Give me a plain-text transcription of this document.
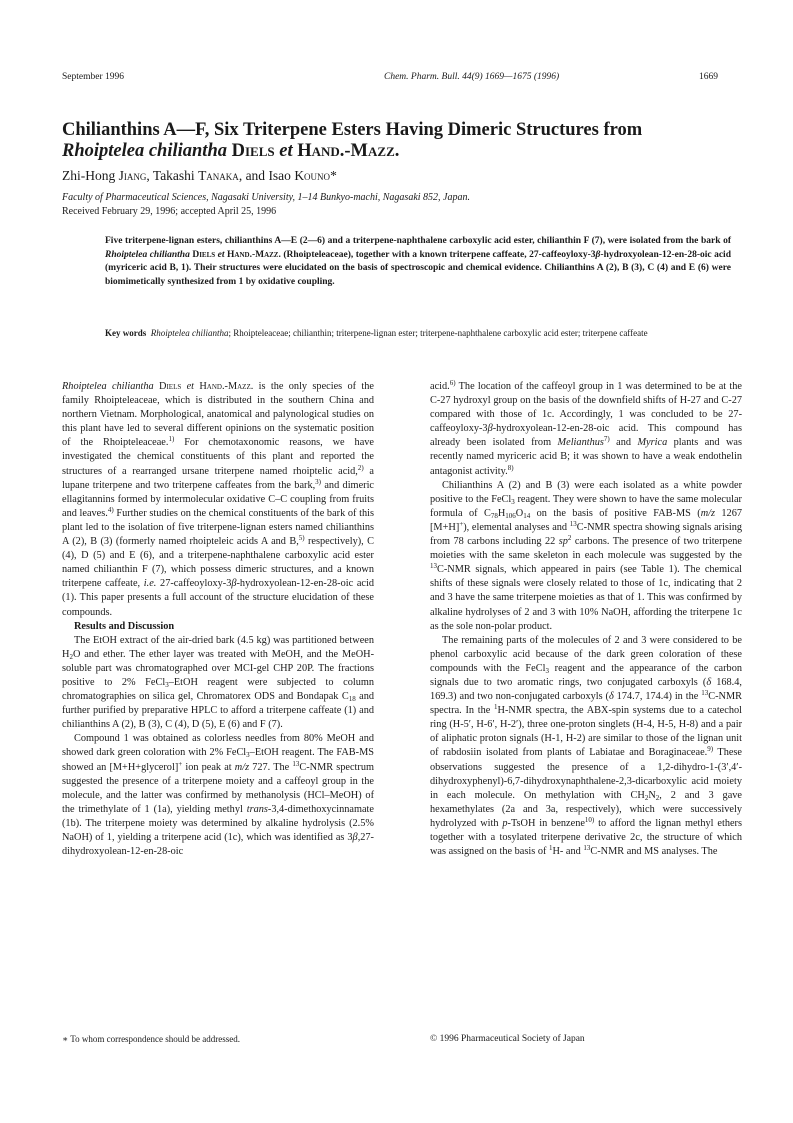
September 1996	Chem. Pharm. Bull. 44(9) 1669—1675 (1996)	1669
Chilianthins A—F, Six Triterpene Esters Having Dimeric Structures from
Rhoiptelea chiliantha Diels et Hand.-Mazz.
Zhi-Hong Jiang, Takashi Tanaka, and Isao Kouno*
Faculty of Pharmaceutical Sciences, Nagasaki University, 1–14 Bunkyo-machi, Nagasaki 852, Japan.
Received February 29, 1996; accepted April 25, 1996

Five triterpene-lignan esters, chilianthins A—E (2—6) and a triterpene-naphthalene carboxylic acid ester, chilianthin F (7), were isolated from the bark of Rhoiptelea chiliantha Diels et Hand.-Mazz. (Rhoipteleaceae), together with a known triterpene caffeate, 27-caffeoyloxy-3β-hydroxyolean-12-en-28-oic acid (myriceric acid B, 1). Their structures were elucidated on the basis of spectroscopic and chemical evidence. Chilianthins A (2), B (3), C (4) and E (6) were biomimetically synthesized from 1 by oxidative coupling.

Key words Rhoiptelea chiliantha; Rhoipteleaceae; chilianthin; triterpene-lignan ester; triterpene-naphthalene carboxylic acid ester; triterpene caffeate

Rhoiptelea chiliantha Diels et Hand.-Mazz. is the only species of the family Rhoipteleaceae, which is distributed in the southern China and northern Vietnam. Morphological, anatomical and palynological studies on this plant have led to several different opinions on the systematic position of the Rhoipteleaceae.$^{1)}$ For chemotaxonomic reasons, we have investigated the chemical constituents of this plant and reported the structures of a rearranged ursane triterpene named rhoiptelic acid,$^{2)}$ a lupane triterpene and two triterpene caffeates from the bark,$^{3)}$ and dimeric ellagitannins formed by intermolecular oxidative C–C coupling from fruits and leaves.$^{4)}$ Further studies on the chemical constituents of the bark of this plant led to the isolation of five triterpene-lignan esters named chilianthins A (2), B (3) (formerly named rhoipteleic acids A and B,$^{5)}$ respectively), C (4), D (5) and E (6), and a triterpene-naphthalene carboxylic acid ester named chilianthin F (7), which possess dimeric structures, and a known triterpene caffeate, i.e. 27-caffeoyloxy-3β-hydroxyolean-12-en-28-oic acid (1). This paper presents a full account of the structure elucidation of these compounds.

Results and Discussion

The EtOH extract of the air-dried bark (4.5 kg) was partitioned between $H_2O$ and ether. The ether layer was treated with MeOH, and the MeOH-soluble part was chromatographed over MCI-gel CHP 20P. The fractions positive to 2% FeCl$_3$–EtOH reagent were subjected to column chromatographies on silica gel, Chromatorex ODS and Bondapak $C_{18}$ and further purified by preparative HPLC to afford a triterpene caffeate (1) and chilianthins A (2), B (3), C (4), D (5), E (6) and F (7).

Compound 1 was obtained as colorless needles from 80% MeOH and showed dark green coloration with 2% FeCl$_3$–EtOH reagent. The FAB-MS showed an [M+H+glycerol]+ ion peak at m/z 727. The $^{13}$C-NMR spectrum suggested the presence of a triterpene moiety and a caffeoyl group in the molecule, and the latter was confirmed by methanolysis (HCl–MeOH) of the trimethylate of 1 (1a), yielding methyl trans-3,4-dimethoxycinnamate (1b). The triterpene moiety was determined by alkaline hydrolysis (2.5% NaOH) of 1, yielding a triterpene acid (1c), which was identified as 3β,27-dihydroxyolean-12-en-28-oic

acid.$^{6)}$ The location of the caffeoyl group in 1 was determined to be at the C-27 hydroxyl group on the basis of the downfield shifts of H-27 and C-27 compared with those of 1c. Accordingly, 1 was concluded to be 27-caffeoyloxy-3β-hydroxyolean-12-en-28-oic acid. This compound has already been isolated from Melianthus$^{7)}$ and Myrica plants and was recently named myriceric acid B; it was shown to have a weak endothelin antagonist activity.$^{8)}$

Chilianthins A (2) and B (3) were each isolated as a white powder positive to the FeCl$_3$ reagent. They were shown to have the same molecular formula of $C_{78}H_{106}O_{14}$ on the basis of positive FAB-MS (m/z 1267 [M+H]+), elemental analyses and $^{13}$C-NMR spectra showing signals arising from 78 carbons including 22 $sp^2$ carbons. The presence of two triterpene moieties with the same skeleton in each molecule was suggested by the $^{13}$C-NMR signals, which appeared in pairs (see Table 1). The chemical shifts of these signals were closely related to those of 1c, indicating that 2 and 3 have the same triterpene moieties as that of 1. This was confirmed by alkaline hydrolyses of 2 and 3 with 10% NaOH, affording the triterpene 1c as the sole non-polar product.

The remaining parts of the molecules of 2 and 3 were considered to be phenol carboxylic acid because of the dark green coloration of these compounds with the FeCl$_3$ reagent and the appearance of the carbon signals due to two aromatic rings, two conjugated carboxyls (δ 168.4, 169.3) and two non-conjugated carboxyls (δ 174.7, 174.4) in the $^{13}$C-NMR spectra. In the $^1$H-NMR spectra, the ABX-spin systems due to a catechol ring (H-5′, H-6′, H-2′), three one-proton singlets (H-4, H-5, H-8) and a pair of aliphatic proton signals (H-1, H-2) are similar to those of the lignan unit of rabdosiin isolated from plants of Labiatae and Boraginaceae.$^{9)}$ These observations suggested the presence of a 1,2-dihydro-1-(3′,4′-dihydroxyphenyl)-6,7-dihydroxynaphthalene-2,3-dicarboxylic acid moiety in each molecule. On methylation with $CH_2N_2$, 2 and 3 gave hexamethylates (2a and 3a, respectively), which were successively hydrolyzed with p-TsOH in benzene$^{10)}$ to afford the lignan methyl ethers together with a tosylated triterpene derivative 2c, the structure of which was assigned on the basis of $^1$H- and $^{13}$C-NMR and MS analyses. The

∗ To whom correspondence should be addressed.	© 1996 Pharmaceutical Society of Japan
